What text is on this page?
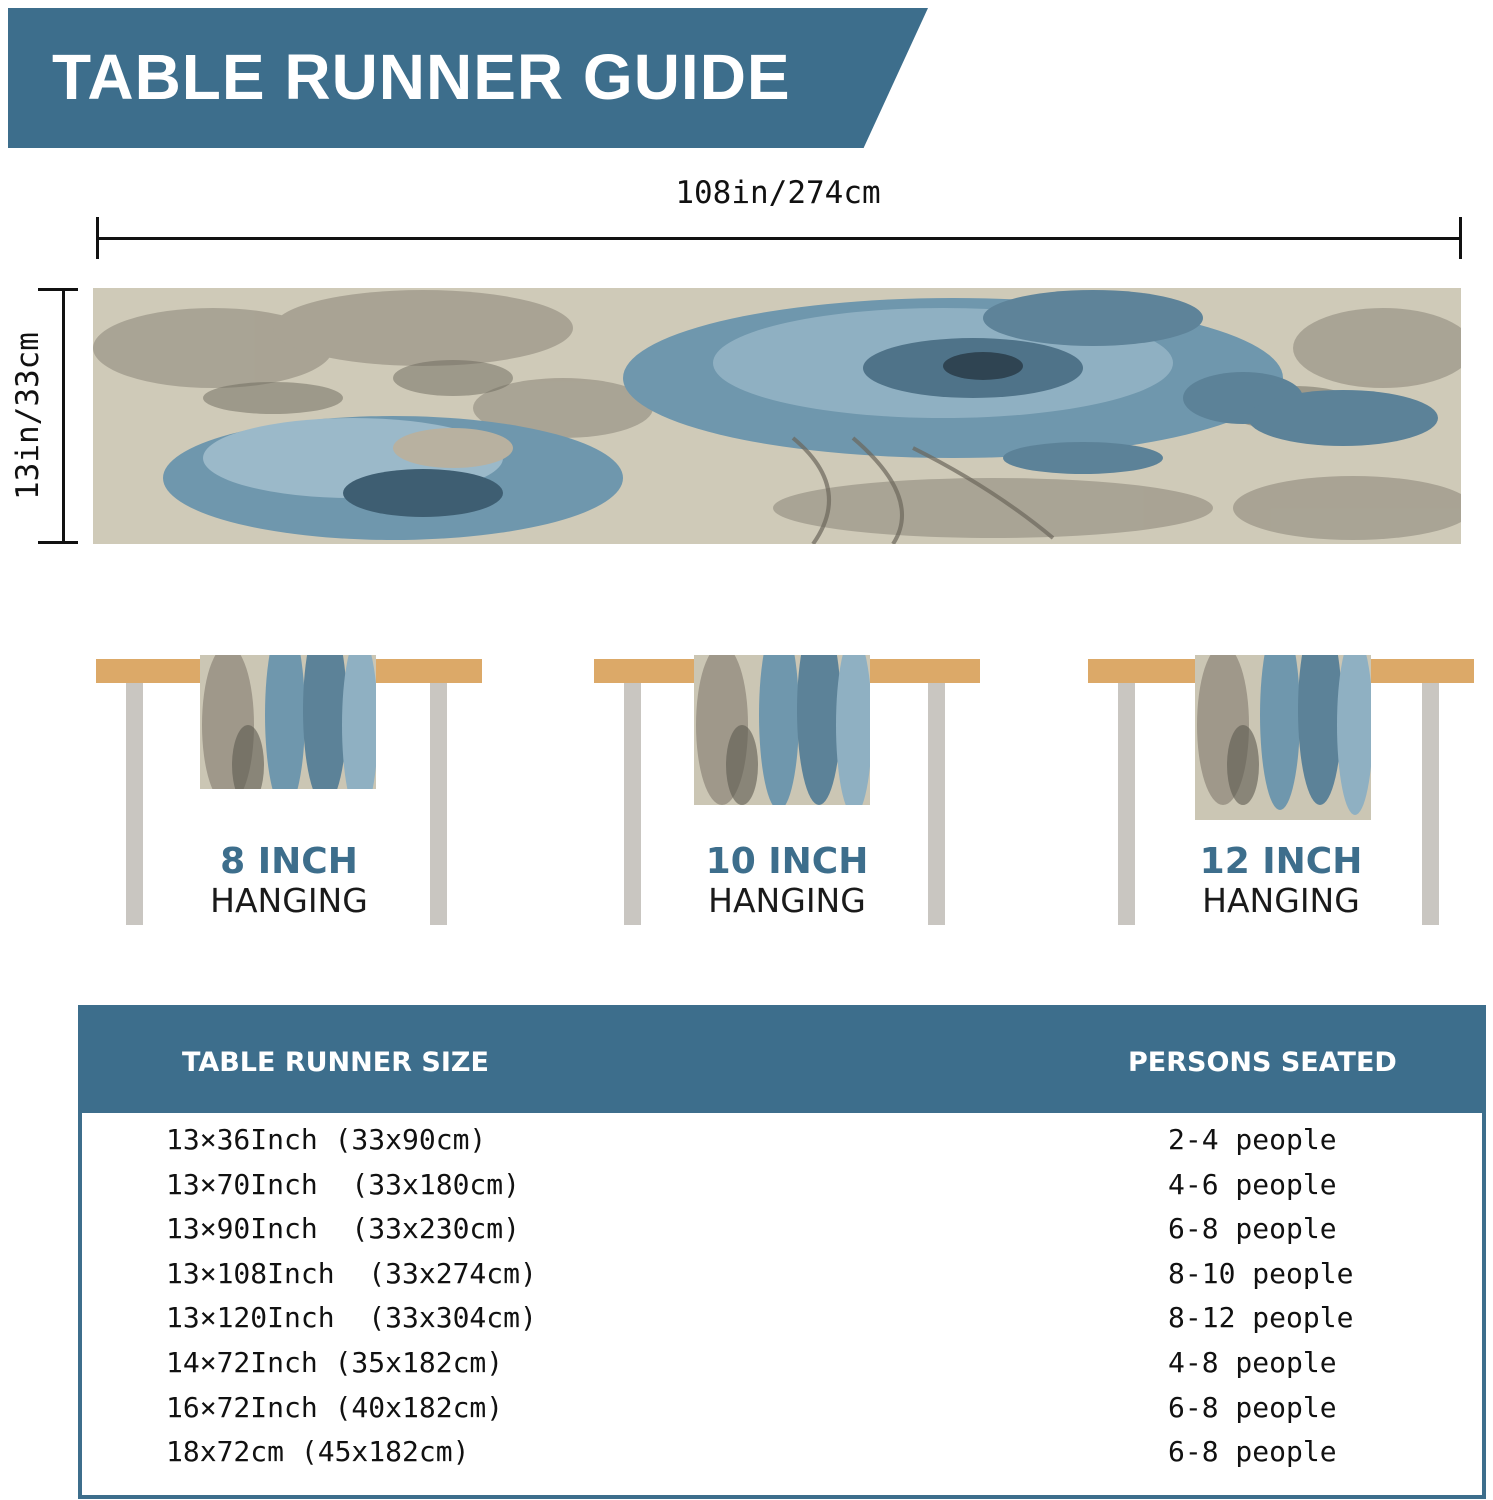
TABLE RUNNER GUIDE
108in/274cm
13in/33cm
8 INCH
HANGING
10 INCH
HANGING
12 INCH
HANGING
TABLE RUNNER SIZE	PERSONS SEATED
13×36Inch (33x90cm)	2-4 people
13×70Inch  (33x180cm)	4-6 people
13×90Inch  (33x230cm)	6-8 people
13×108Inch  (33x274cm)	8-10 people
13×120Inch  (33x304cm)	8-12 people
14×72Inch (35x182cm)	4-8 people
16×72Inch (40x182cm)	6-8 people
18x72cm (45x182cm)	6-8 people
